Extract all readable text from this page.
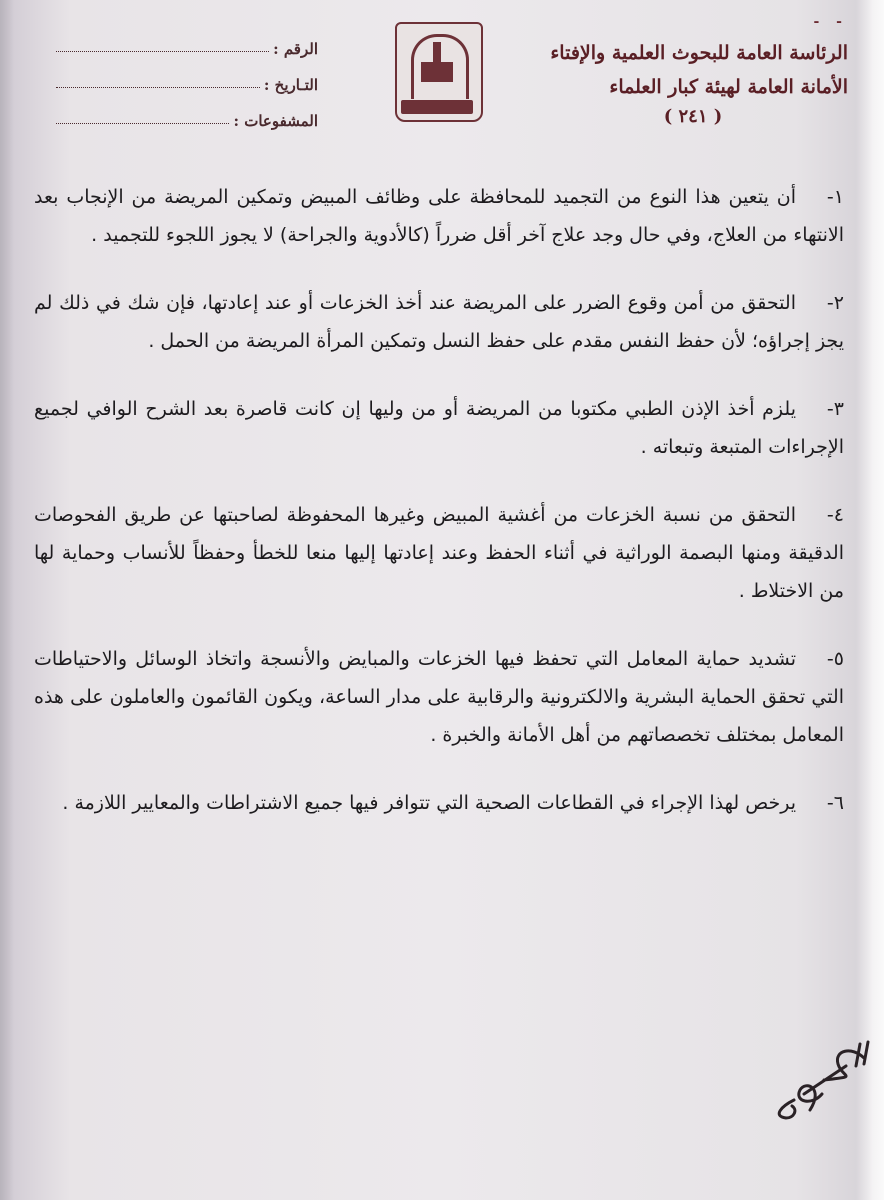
- -
الرئاسة العامة للبحوث العلمية والإفتاء
الأمانة العامة لهيئة كبار العلماء
( ٢٤١ )
الرقم :
التـاريخ :
المشفوعات :

١-أن يتعين هذا النوع من التجميد للمحافظة على وظائف المبيض وتمكين المريضة من الإنجاب بعد الانتهاء من العلاج، وفي حال وجد علاج آخر أقل ضرراً (كالأدوية والجراحة) لا يجوز اللجوء للتجميد .

٢-التحقق من أمن وقوع الضرر على المريضة عند أخذ الخزعات أو عند إعادتها، فإن شك في ذلك لم يجز إجراؤه؛ لأن حفظ النفس مقدم على حفظ النسل وتمكين المرأة المريضة من الحمل .

٣-يلزم أخذ الإذن الطبي مكتوبا من المريضة أو من وليها إن كانت قاصرة بعد الشرح الوافي لجميع الإجراءات المتبعة وتبعاته .

٤-التحقق من نسبة الخزعات من أغشية المبيض وغيرها المحفوظة لصاحبتها عن طريق الفحوصات الدقيقة ومنها البصمة الوراثية في أثناء الحفظ وعند إعادتها إليها منعا للخطأ وحفظاً للأنساب وحماية لها من الاختلاط .

٥-تشديد حماية المعامل التي تحفظ فيها الخزعات والمبايض والأنسجة واتخاذ الوسائل والاحتياطات التي تحقق الحماية البشرية والالكترونية والرقابية على مدار الساعة، ويكون القائمون والعاملون على هذه المعامل بمختلف تخصصاتهم من أهل الأمانة والخبرة .

٦-يرخص لهذا الإجراء في القطاعات الصحية التي تتوافر فيها جميع الاشتراطات والمعايير اللازمة .
